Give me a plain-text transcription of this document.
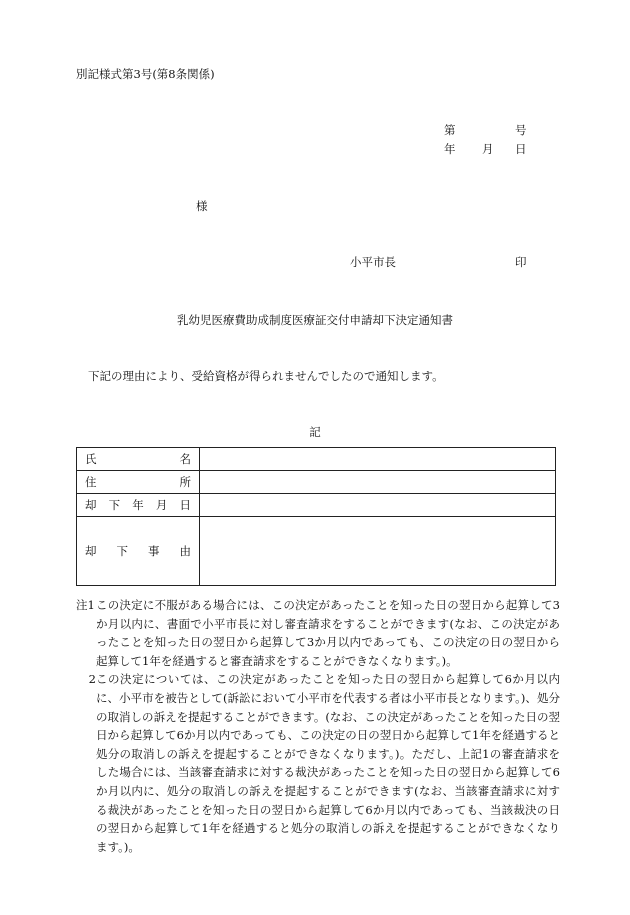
別記様式第3号(第8条関係)
第	号
年 月 日
様
小平市長	印
乳幼児医療費助成制度医療証交付申請却下決定通知書
下記の理由により、受給資格が得られませんでしたので通知します。
記
氏 名	

住 所	

却 下 年 月 日	

却 下 事 由	

注1 この決定に不服がある場合には、この決定があったことを知った日の翌日から起算して3か月以内に、書面で小平市長に対し審査請求をすることができます(なお、この決定があったことを知った日の翌日から起算して3か月以内であっても、この決定の日の翌日から起算して1年を経過すると審査請求をすることができなくなります。)。
2 この決定については、この決定があったことを知った日の翌日から起算して6か月以内に、小平市を被告として(訴訟において小平市を代表する者は小平市長となります。)、処分の取消しの訴えを提起することができます。(なお、この決定があったことを知った日の翌日から起算して6か月以内であっても、この決定の日の翌日から起算して1年を経過すると処分の取消しの訴えを提起することができなくなります。)。ただし、上記1の審査請求をした場合には、当該審査請求に対する裁決があったことを知った日の翌日から起算して6か月以内に、処分の取消しの訴えを提起することができます(なお、当該審査請求に対する裁決があったことを知った日の翌日から起算して6か月以内であっても、当該裁決の日の翌日から起算して1年を経過すると処分の取消しの訴えを提起することができなくなります。)。
